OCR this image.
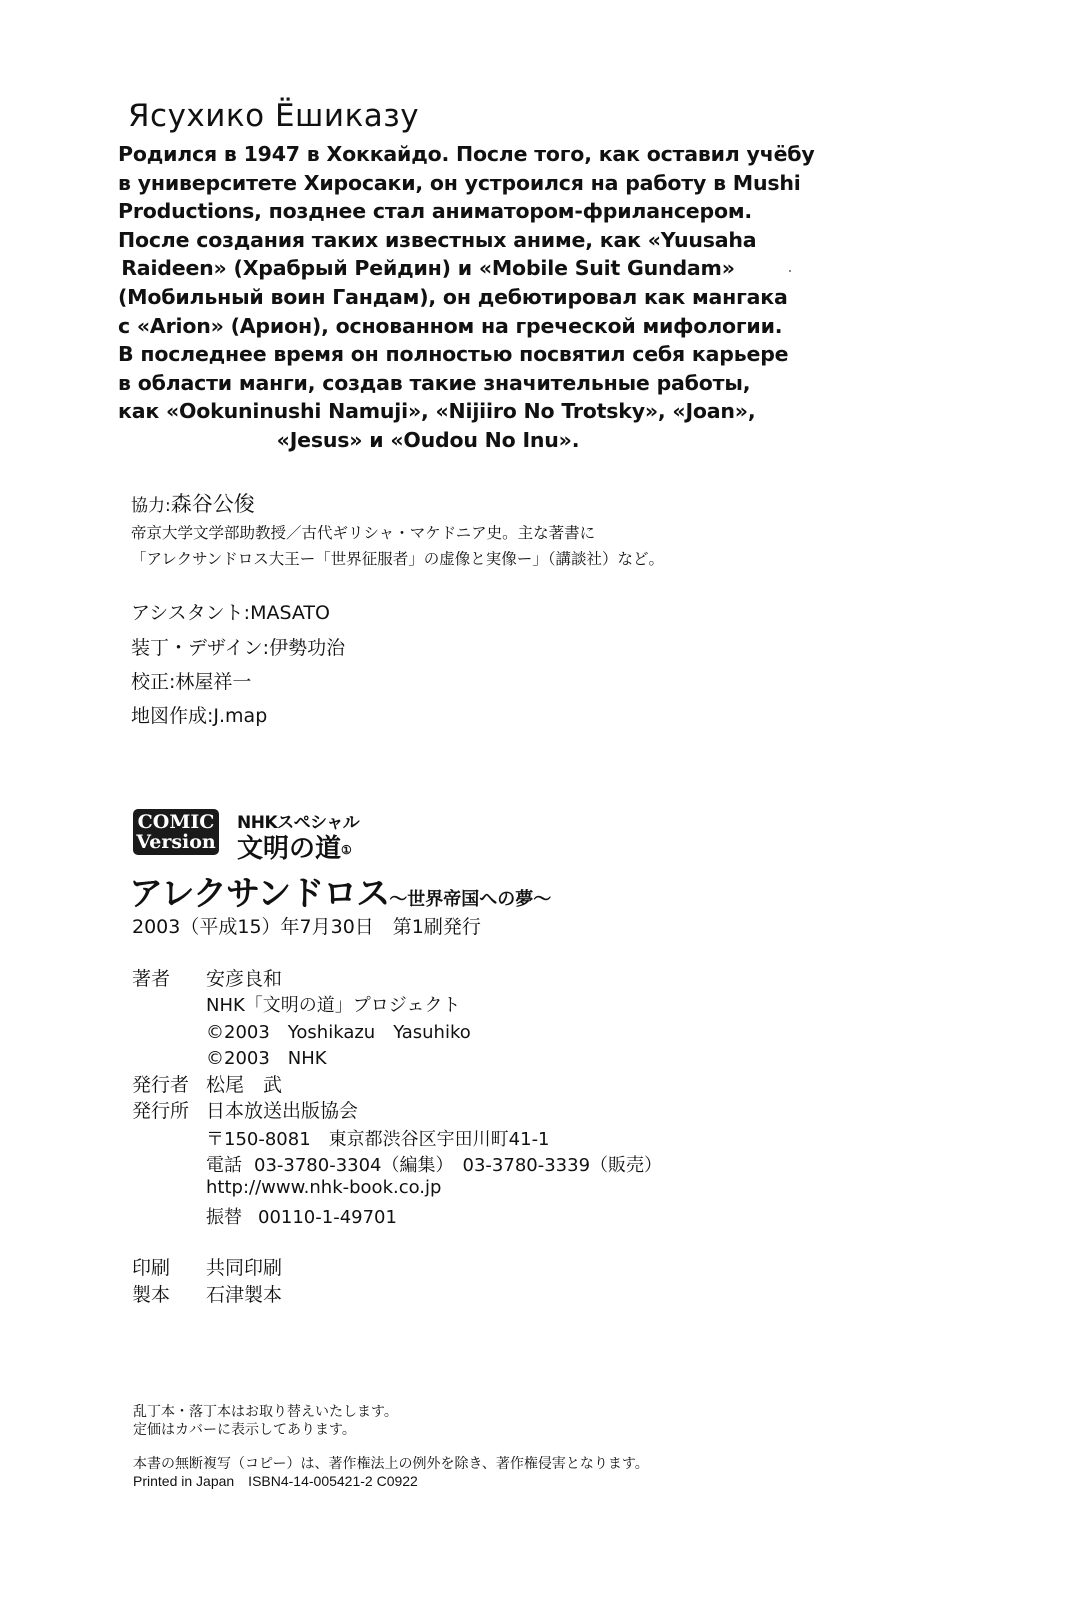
Ясухико Ёшиказу
Родился в 1947 в Хоккайдо. После того, как оставил учёбу
в университете Хиросаки, он устроился на работу в Mushi
Productions, позднее стал аниматором-фрилансером.
После создания таких известных аниме, как «Yuusaha
Raideen» (Храбрый Рейдин) и «Mobile Suit Gundam»
(Мобильный воин Гандам), он дебютировал как мангака
с «Arion» (Арион), основанном на греческой мифологии.
В последнее время он полностью посвятил себя карьере
в области манги, создав такие значительные работы,
как «Ookuninushi Namuji», «Nijiiro No Trotsky», «Joan»,
«Jesus» и «Oudou No Inu».
協力:森谷公俊
帝京大学文学部助教授／古代ギリシャ・マケドニア史。主な著書に
「アレクサンドロス大王ー「世界征服者」の虚像と実像ー」（講談社）など。
アシスタント:MASATO
装丁・デザイン:伊勢功治
校正:林屋祥一
地図作成:J.map
COMIC
Version
NHKスペシャル
文明の道①
アレクサンドロス～世界帝国への夢～
2003（平成15）年7月30日　第1刷発行
著者 安彦良和
NHK「文明の道」プロジェクト
©2003　Yoshikazu　Yasuhiko
©2003　NHK
発行者 松尾　武
発行所 日本放送出版協会
〒150-8081　東京都渋谷区宇田川町41-1
電話 03-3780-3304（編集）　03-3780-3339（販売）
http://www.nhk-book.co.jp
振替 00110-1-49701
印刷 共同印刷
製本 石津製本
乱丁本・落丁本はお取り替えいたします。
定価はカバーに表示してあります。
本書の無断複写（コピー）は、著作権法上の例外を除き、著作権侵害となります。
Printed in Japan　ISBN4-14-005421-2 C0922
